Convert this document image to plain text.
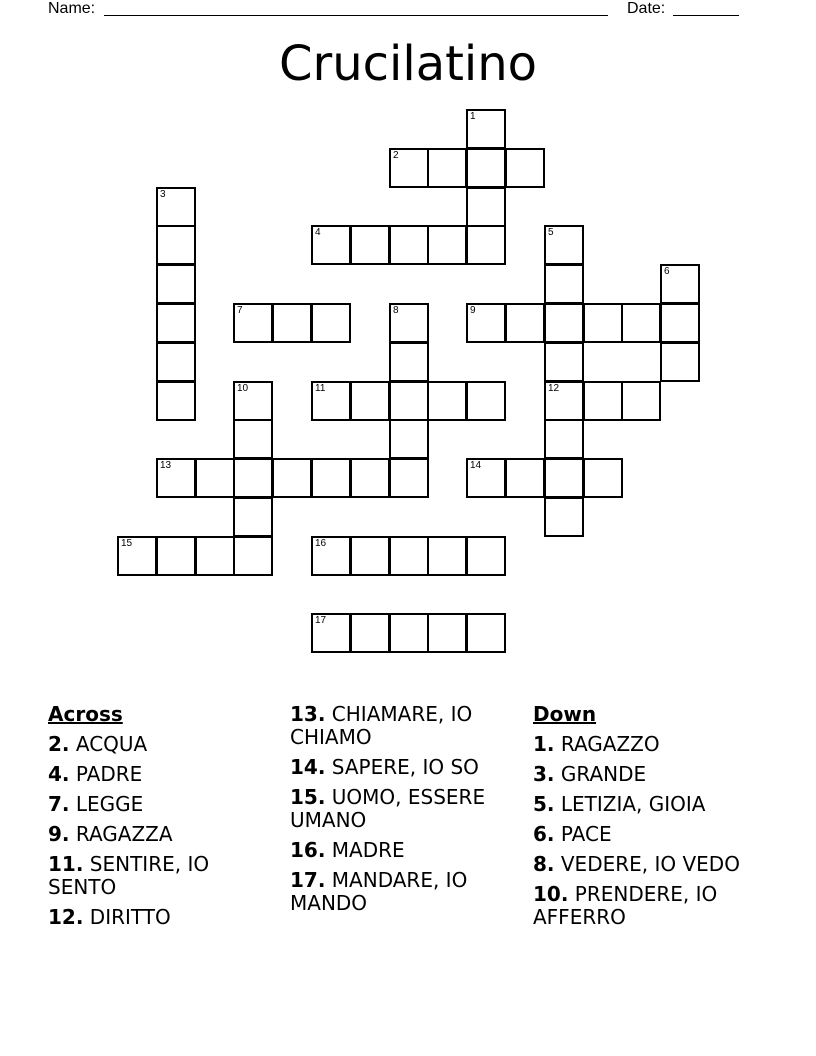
Name:	Date:
Crucilatino
1
2
3
4	5
6
7	8	9
10	11	12
13	14
15	16
17
Across
2. ACQUA
4. PADRE
7. LEGGE
9. RAGAZZA
11. SENTIRE, IO SENTO
12. DIRITTO
13. CHIAMARE, IO CHIAMO
14. SAPERE, IO SO
15. UOMO, ESSERE UMANO
16. MADRE
17. MANDARE, IO MANDO
Down
1. RAGAZZO
3. GRANDE
5. LETIZIA, GIOIA
6. PACE
8. VEDERE, IO VEDO
10. PRENDERE, IO AFFERRO
